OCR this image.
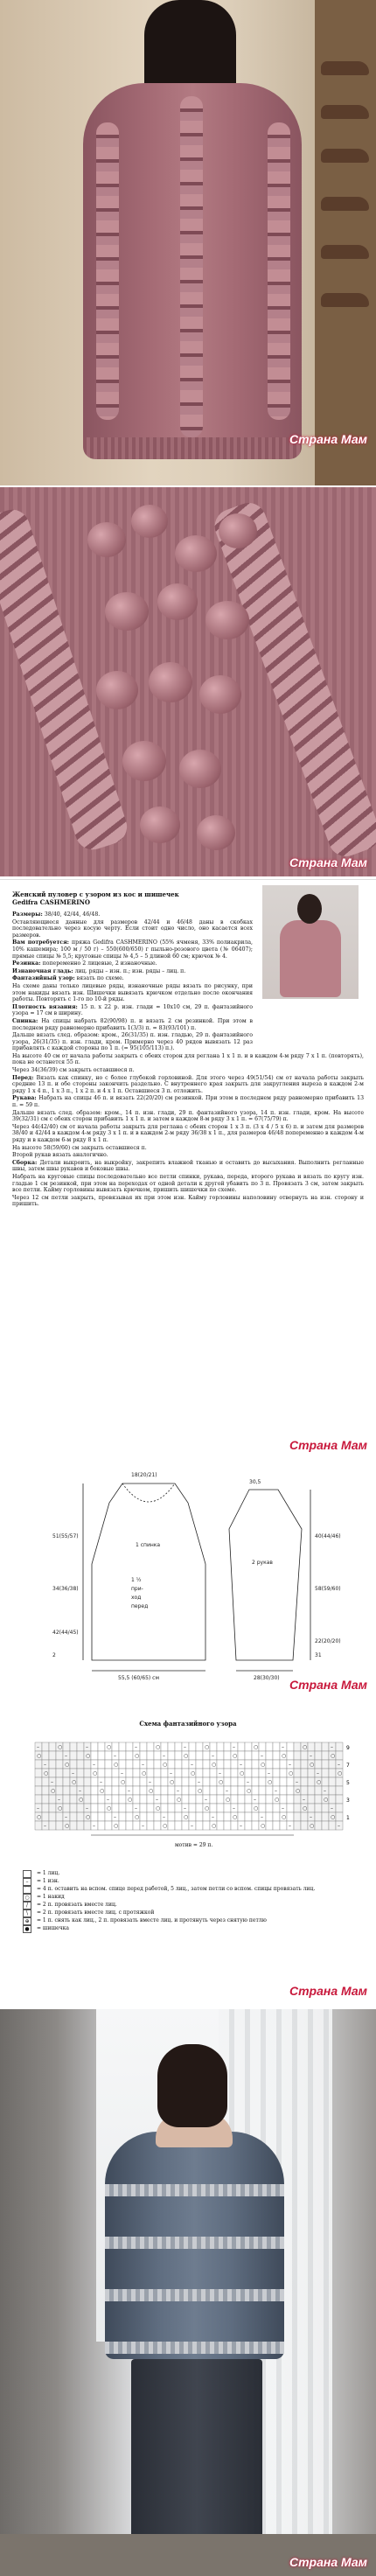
Страна Мам
Страна Мам
Женский пуловер с узором из кос и шишечек
Gedifra CASHMERINO
Размеры: 38/40, 42/44, 46/48.
Оставляющиеся данные для размеров 42/44 и 46/48 даны в скобках последовательно через косую черту. Если стоит одно число, оно касается всех размеров.
Вам потребуется: пряжа Gedifra CASHMERINO (55% ячменя, 33% полиакрила, 10% кашемира; 100 м / 50 г) – 550(600/650) г пыльно-розового цвета (№ 06407); прямые спицы № 5,5; круговые спицы № 4,5 – 5 длиной 60 см; крючок № 4.
Резинка: попеременно 2 лицевые, 2 изнаночные.
Изнаночная гладь: лиц. ряды – изн. п.; изн. ряды – лиц. п.
Фантазийный узор: вязать по схеме.
На схеме даны только лицевые ряды, изнаночные ряды вязать по рисунку, при этом накиды вязать изн. Шишечки вывязать крючком отдельно после окончания работы. Повторять с 1-го по 10-й ряды.
Плотность вязания: 15 п. х 22 р. изн. глади = 10х10 см, 29 п. фантазийного узора = 17 см в ширину.
Спинка: На спицы набрать 82(90/98) п. и вязать 2 см резинкой. При этом в последнем ряду равномерно прибавить 1(3/3) п. = 83(93/101) п.
Дальше вязать след. образом: кром., 26(31/35) п. изн. гладью, 29 п. фантазийного узора, 26(31/35) п. изн. глади, кром. Примерно через 40 рядов вывязать 12 раз прибавлять с каждой стороны по 1 п. (= 95(105/113) п.).
На высоте 40 см от начала работы закрыть с обеих сторон для реглана 1 х 1 п. и в каждом 4-м ряду 7 х 1 п. (повторять), пока не останется 55 п.
Через 34(36/39) см закрыть оставшиеся п.
Перед: Вязать как спинку, но с более глубокой горловиной. Для этого через 49(51/54) см от начала работы закрыть средние 13 п. и обе стороны закончить раздельно. С внутреннего края закрыть для закругления выреза в каждом 2-м ряду 1 х 4 п., 1 х 3 п., 1 х 2 п. и 4 х 1 п. Оставшиеся 3 п. отложить.
Рукава: Набрать на спицы 46 п. и вязать 22(20/20) см резинкой. При этом в последнем ряду равномерно прибавить 13 п. = 59 п.
Дальше вязать след. образом: кром., 14 п. изн. глади, 29 п. фантазийного узора, 14 п. изн. глади, кром. На высоте 39(32/31) см с обеих сторон прибавить 1 х 1 п. и затем в каждом 8-м ряду 3 х 1 п. = 67(75/79) п.
Через 44(42/40) см от начала работы закрыть для реглана с обеих сторон 1 х 3 п. (3 х 4 / 5 х 6) п. и затем для размеров 38/40 и 42/44 в каждом 4-м ряду 3 х 1 п. и в каждом 2-м ряду 36/38 х 1 п., для размеров 46/48 попеременно в каждом 4-м ряду и в каждом 6-м ряду 8 х 1 п.
На высоте 58(59/60) см закрыть оставшиеся п.
Второй рукав вязать аналогично.
Сборка: Детали выкроить, на выкройку, закрепить влажной тканью и оставить до высыхания. Выполнить регланные швы, затем швы рукавов и боковые швы.
Набрать на круговые спицы последовательно все петли спинки, рукава, переда, второго рукава и вязать по кругу изн. гладью 1 см резинкой, при этом на переходах от одной детали к другой убавить по 3 п. Провязать 3 см, затем закрыть все петли. Кайму горловины вывязать крючком, пришить шишечки по схеме.
Через 12 см петли закрыть, провязывая их при этом изн. Кайму горловины наполовину отвернуть на изн. сторону и пришить.
Страна Мам
1 спинка
1 ½
при-
ход
перед
2 рукав
18(20/21)
51(55/57)
34(36/38)
42(44/45)
2
55,5 (60/65) см
30,5
40(44/46)
58(59/60)
22(20/20)
28(30/30)
31
Страна Мам
Схема фантазийного узора
–	○	–	○	–	○	–	○	–	○	–	○	–
○	–	○	–	○	–	○	–	○	–	○	–	○
–	○	–	○	–	○	–	○	–	○	–	○	–
○	–	○	–	○	–	○	–	○	–	○	–	○
–	○	–	○	–	○	–	○	–	○	–	○
○	–	○	–	○	–	○	–	○	–	○	–
–	○	–	○	–	○	–	○	–	○	–	○
–	○	–	○	–	○	–	○	–	○	–	○	–
○	–	○	–	○	–	○	–	○	–	○	–	○
–	○	–	○	–	○	–	○	–	○	–	○	–
9
7
5
3
1
мотив = 29 п.
= 1 лиц.
–	= 1 изн.
⌒	= 4 п. оставить на вспом. спице перед работой, 5 лиц., затем петли со вспом. спицы провязать лиц.
○	= 1 накид
/	= 2 п. провязать вместе лиц.
\	= 2 п. провязать вместе лиц. с протяжкой
⊕	= 1 п. снять как лиц., 2 п. провязать вместе лиц. и протянуть через снятую петлю
●	= шишечка
Страна Мам
Страна Мам
